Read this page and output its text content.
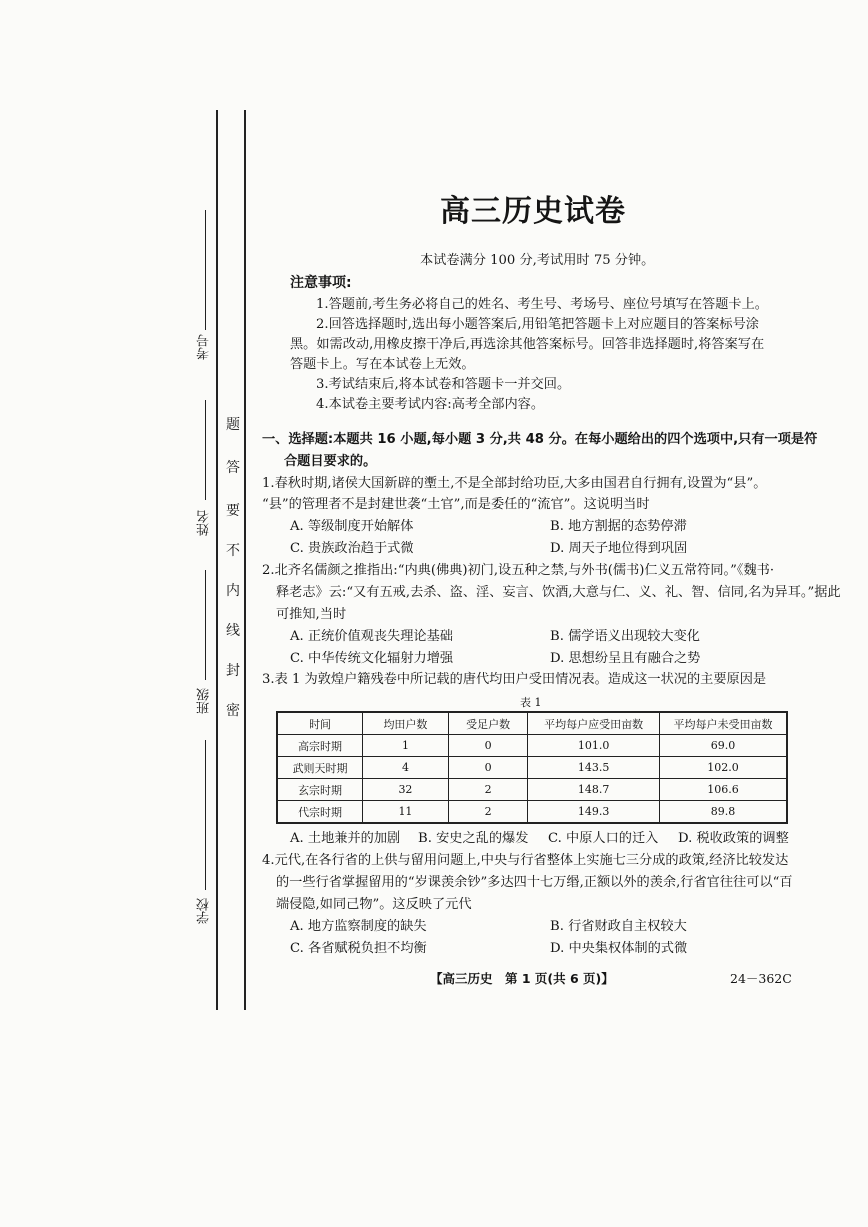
考号
姓名
班级
学校
密
封
线
内
不
要
答
题
高三历史试卷
本试卷满分 100 分,考试用时 75 分钟。
注意事项:
1.答题前,考生务必将自己的姓名、考生号、考场号、座位号填写在答题卡上。
2.回答选择题时,选出每小题答案后,用铅笔把答题卡上对应题目的答案标号涂
黑。如需改动,用橡皮擦干净后,再选涂其他答案标号。回答非选择题时,将答案写在
答题卡上。写在本试卷上无效。
3.考试结束后,将本试卷和答题卡一并交回。
4.本试卷主要考试内容:高考全部内容。
一、选择题:本题共 16 小题,每小题 3 分,共 48 分。在每小题给出的四个选项中,只有一项是符
合题目要求的。
1.春秋时期,诸侯大国新辟的壍土,不是全部封给功臣,大多由国君自行拥有,设置为“县”。
“县”的管理者不是封建世袭“土官”,而是委任的“流官”。这说明当时
A. 等级制度开始解体	B. 地方割据的态势停滞
C. 贵族政治趋于式微	D. 周天子地位得到巩固
2.北齐名儒颜之推指出:“内典(佛典)初门,设五种之禁,与外书(儒书)仁义五常符同。”《魏书·
释老志》云:“又有五戒,去杀、盗、淫、妄言、饮酒,大意与仁、义、礼、智、信同,名为异耳。”据此
可推知,当时
A. 正统价值观丧失理论基础	B. 儒学语义出现较大变化
C. 中华传统文化辐射力增强	D. 思想纷呈且有融合之势
3.表 1 为敦煌户籍残卷中所记载的唐代均田户受田情况表。造成这一状况的主要原因是
表 1
时间	均田户数	受足户数	平均每户应受田亩数	平均每户未受田亩数
高宗时期	1	0	101.0	69.0
武则天时期	4	0	143.5	102.0
玄宗时期	32	2	148.7	106.6
代宗时期	11	2	149.3	89.8
A. 土地兼并的加剧 B. 安史之乱的爆发 C. 中原人口的迁入 D. 税收政策的调整
4.元代,在各行省的上供与留用问题上,中央与行省整体上实施七三分成的政策,经济比较发达
的一些行省掌握留用的“岁课羡余钞”多达四十七万缗,正额以外的羡余,行省官往往可以“百
端侵隐,如同己物”。这反映了元代
A. 地方监察制度的缺失	B. 行省财政自主权较大
C. 各省赋税负担不均衡	D. 中央集权体制的式微
【高三历史　第 1 页(共 6 页)】	24－362C
